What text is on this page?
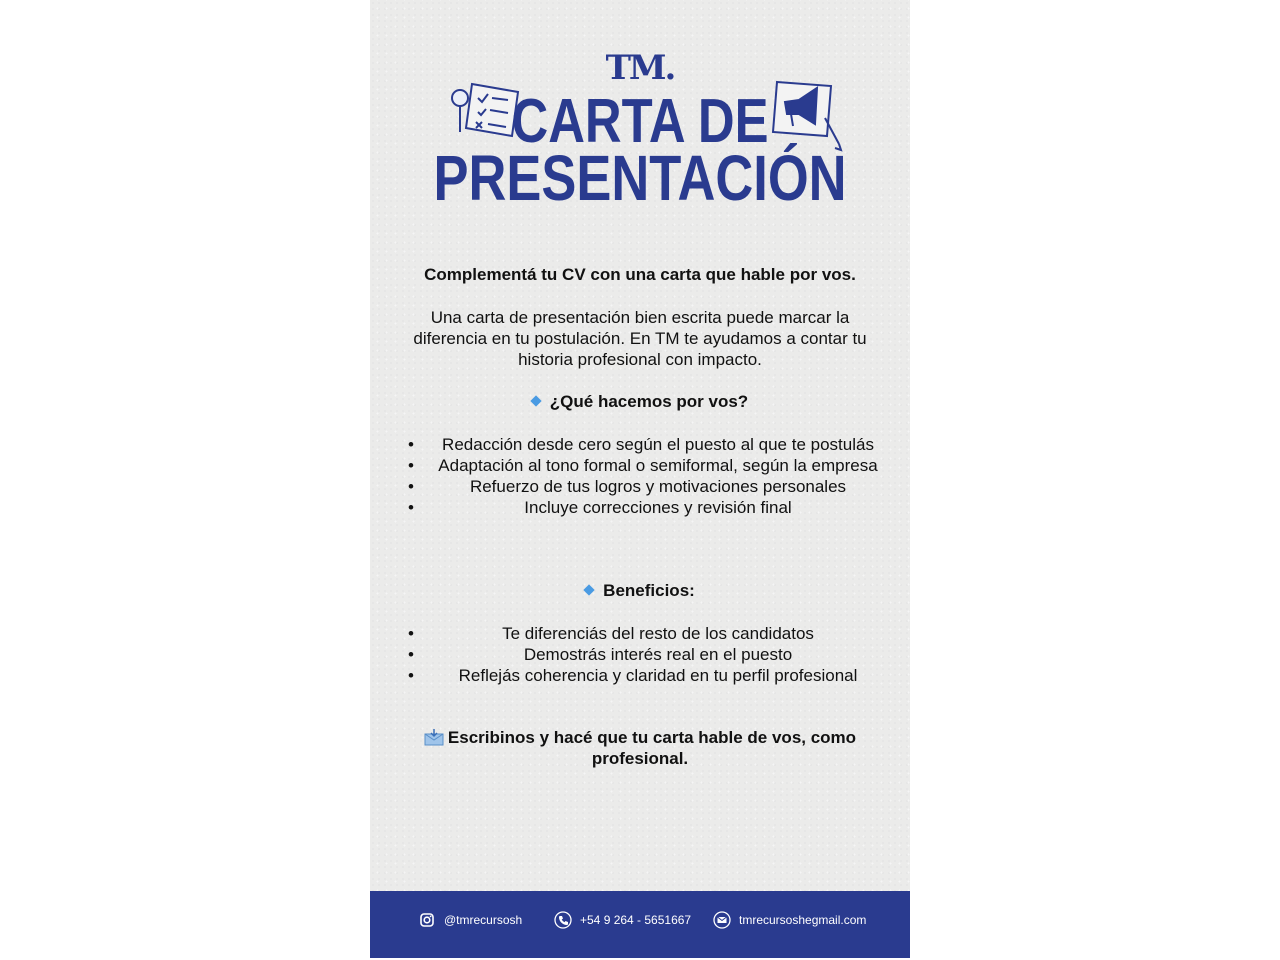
TM.
CARTA DE
PRESENTACIÓN
Complementá tu CV con una carta que hable por vos.
Una carta de presentación bien escrita puede marcar la diferencia en tu postulación. En TM te ayudamos a contar tu historia profesional con impacto.
¿Qué hacemos por vos?
• Redacción desde cero según el puesto al que te postulás
• Adaptación al tono formal o semiformal, según la empresa
• Refuerzo de tus logros y motivaciones personales
• Incluye correcciones y revisión final
Beneficios:
• Te diferenciás del resto de los candidatos
• Demostrás interés real en el puesto
• Reflejás coherencia y claridad en tu perfil profesional
Escribinos y hacé que tu carta hable de vos, como profesional.
@tmrecursosh	+54 9 264 - 5651667	tmrecursoshegmail.com
